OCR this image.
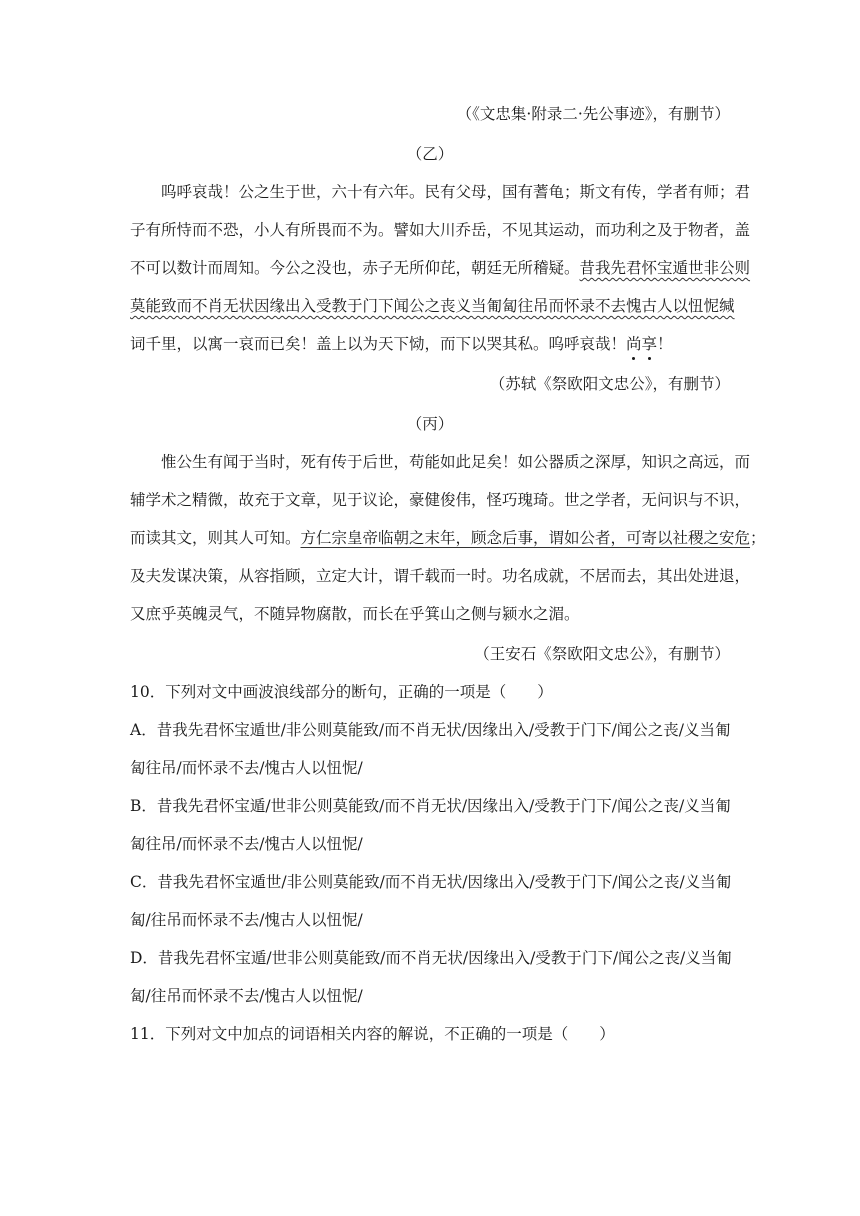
（《文忠集·附录二·先公事迹》，有删节）
（乙）
呜呼哀哉！公之生于世，六十有六年。民有父母，国有蓍龟；斯文有传，学者有师；君
子有所恃而不恐，小人有所畏而不为。譬如大川乔岳，不见其运动，而功利之及于物者，盖
不可以数计而周知。今公之没也，赤子无所仰芘，朝廷无所稽疑。昔我先君怀宝遁世非公则
莫能致而不肖无状因缘出入受教于门下闻公之丧义当匍匐往吊而怀录不去愧古人以忸怩缄
词千里，以寓一哀而已矣！盖上以为天下恸，而下以哭其私。呜呼哀哉！尚享！
（苏轼《祭欧阳文忠公》，有删节）
（丙）
惟公生有闻于当时，死有传于后世，苟能如此足矣！如公器质之深厚，知识之高远，而
辅学术之精微，故充于文章，见于议论，豪健俊伟，怪巧瑰琦。世之学者，无问识与不识，
而读其文，则其人可知。方仁宗皇帝临朝之末年，顾念后事，谓如公者，可寄以社稷之安危；
及夫发谋决策，从容指顾，立定大计，谓千载而一时。功名成就，不居而去，其出处进退，
又庶乎英魄灵气，不随异物腐散，而长在乎箕山之侧与颍水之湄。
（王安石《祭欧阳文忠公》，有删节）
10．下列对文中画波浪线部分的断句，正确的一项是（　　）
A．昔我先君怀宝遁世/非公则莫能致/而不肖无状/因缘出入/受教于门下/闻公之丧/义当匍
匐往吊/而怀录不去/愧古人以忸怩/
B．昔我先君怀宝遁/世非公则莫能致/而不肖无状/因缘出入/受教于门下/闻公之丧/义当匍
匐往吊/而怀录不去/愧古人以忸怩/
C．昔我先君怀宝遁世/非公则莫能致/而不肖无状/因缘出入/受教于门下/闻公之丧/义当匍
匐/往吊而怀录不去/愧古人以忸怩/
D．昔我先君怀宝遁/世非公则莫能致/而不肖无状/因缘出入/受教于门下/闻公之丧/义当匍
匐/往吊而怀录不去/愧古人以忸怩/
11．下列对文中加点的词语相关内容的解说，不正确的一项是（　　）
